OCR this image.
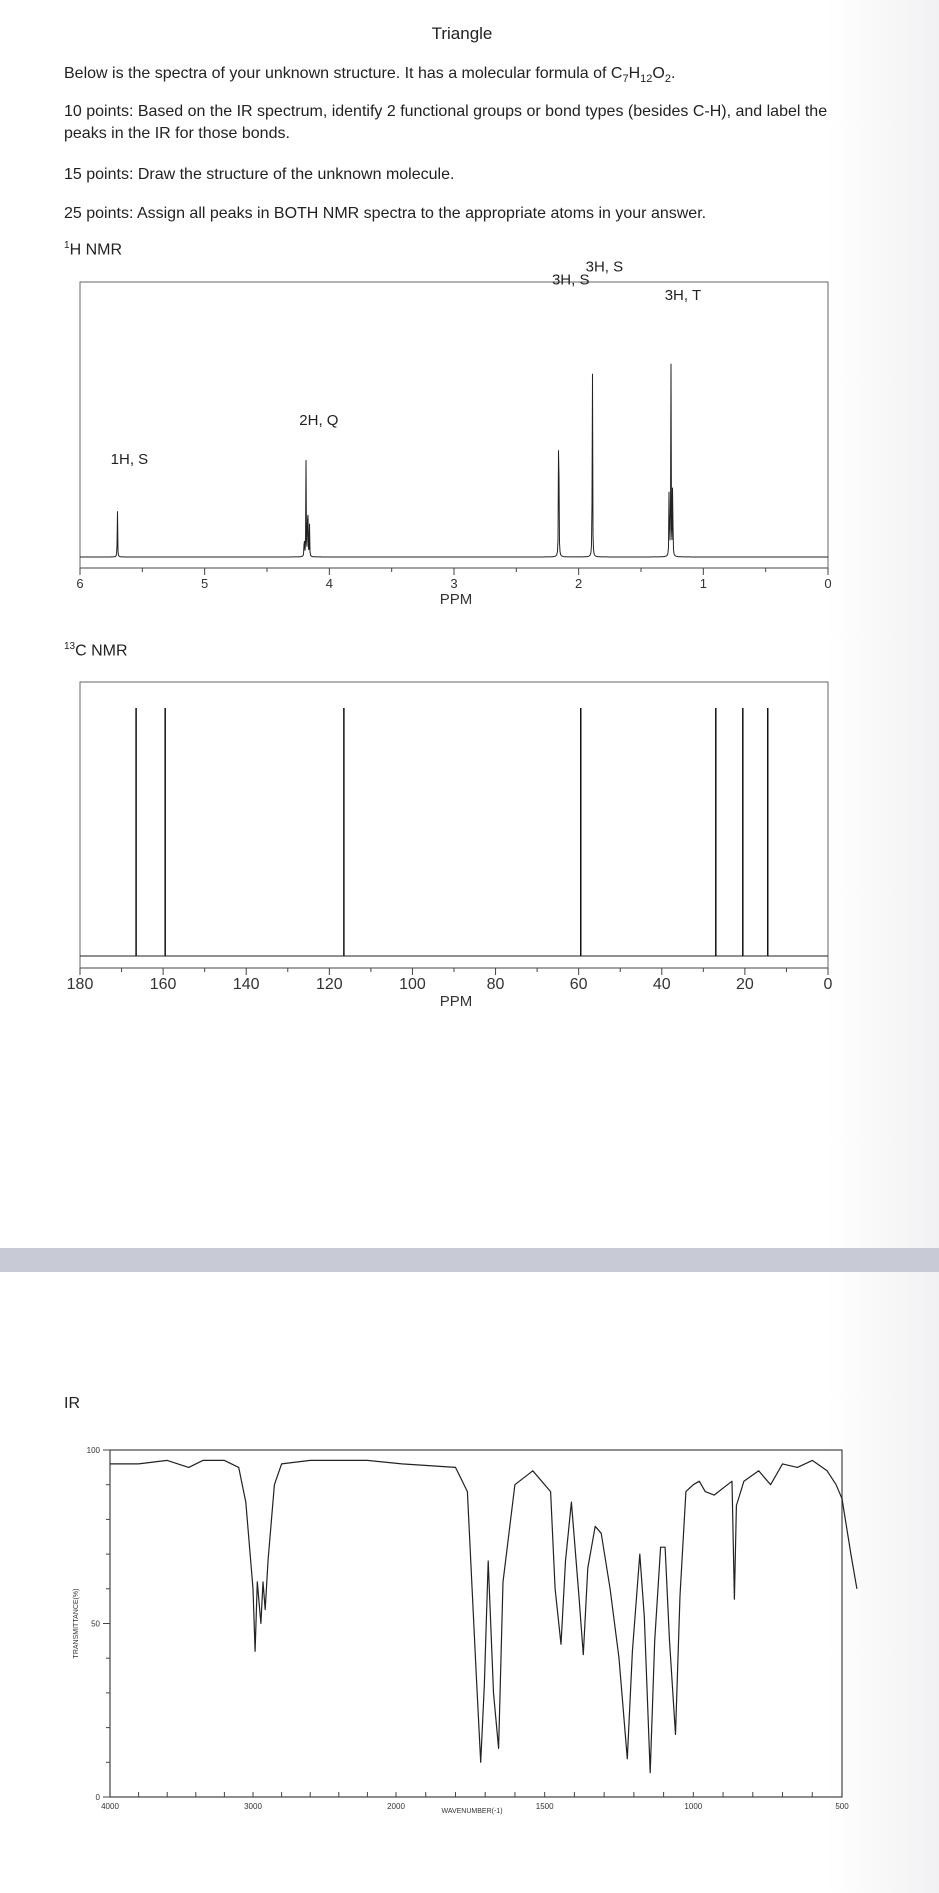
Triangle
Below is the spectra of your unknown structure. It has a molecular formula of $C_7H_{12}O_2$.
10 points: Based on the IR spectrum, identify 2 functional groups or bond types (besides C-H), and label the peaks in the IR for those bonds.
15 points: Draw the structure of the unknown molecule.
25 points: Assign all peaks in BOTH NMR spectra to the appropriate atoms in your answer.
$^1$H NMR
$^{13}$C NMR
IR
6	5	4	3	2	1	0
PPM
1H, S
2H, Q
3H, S
3H, S
3H, T
180	160	140	120	100	80	60	40	20	0
PPM
100
50
0
TRANSMITTANCE(%)
4000	3000	2000	1500	1000	500
WAVENUMBER(-1)
